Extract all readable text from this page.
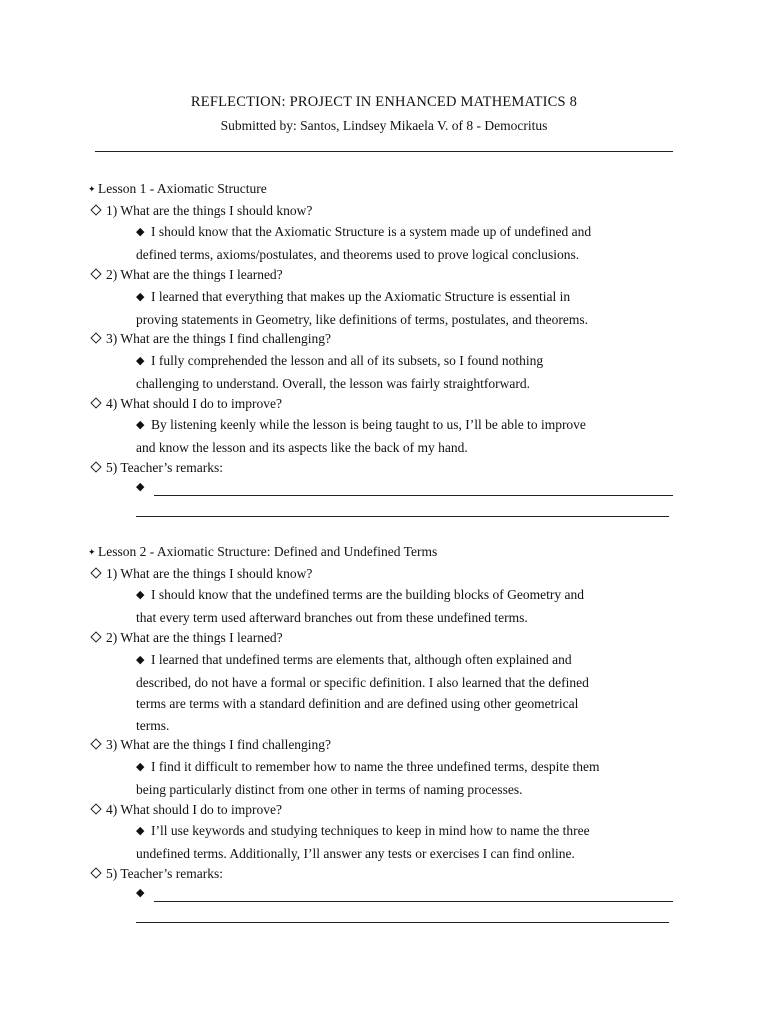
REFLECTION: PROJECT IN ENHANCED MATHEMATICS 8
Submitted by: Santos, Lindsey Mikaela V. of 8 - Democritus
✦ Lesson 1 - Axiomatic Structure
1) What are the things I should know?
◆ I should know that the Axiomatic Structure is a system made up of undefined and
defined terms, axioms/postulates, and theorems used to prove logical conclusions.
2) What are the things I learned?
◆ I learned that everything that makes up the Axiomatic Structure is essential in
proving statements in Geometry, like definitions of terms, postulates, and theorems.
3) What are the things I find challenging?
◆ I fully comprehended the lesson and all of its subsets, so I found nothing
challenging to understand. Overall, the lesson was fairly straightforward.
4) What should I do to improve?
◆ By listening keenly while the lesson is being taught to us, I’ll be able to improve
and know the lesson and its aspects like the back of my hand.
5) Teacher’s remarks:
◆
✦ Lesson 2 - Axiomatic Structure: Defined and Undefined Terms
1) What are the things I should know?
◆ I should know that the undefined terms are the building blocks of Geometry and
that every term used afterward branches out from these undefined terms.
2) What are the things I learned?
◆ I learned that undefined terms are elements that, although often explained and
described, do not have a formal or specific definition. I also learned that the defined
terms are terms with a standard definition and are defined using other geometrical
terms.
3) What are the things I find challenging?
◆ I find it difficult to remember how to name the three undefined terms, despite them
being particularly distinct from one other in terms of naming processes.
4) What should I do to improve?
◆ I’ll use keywords and studying techniques to keep in mind how to name the three
undefined terms. Additionally, I’ll answer any tests or exercises I can find online.
5) Teacher’s remarks:
◆
